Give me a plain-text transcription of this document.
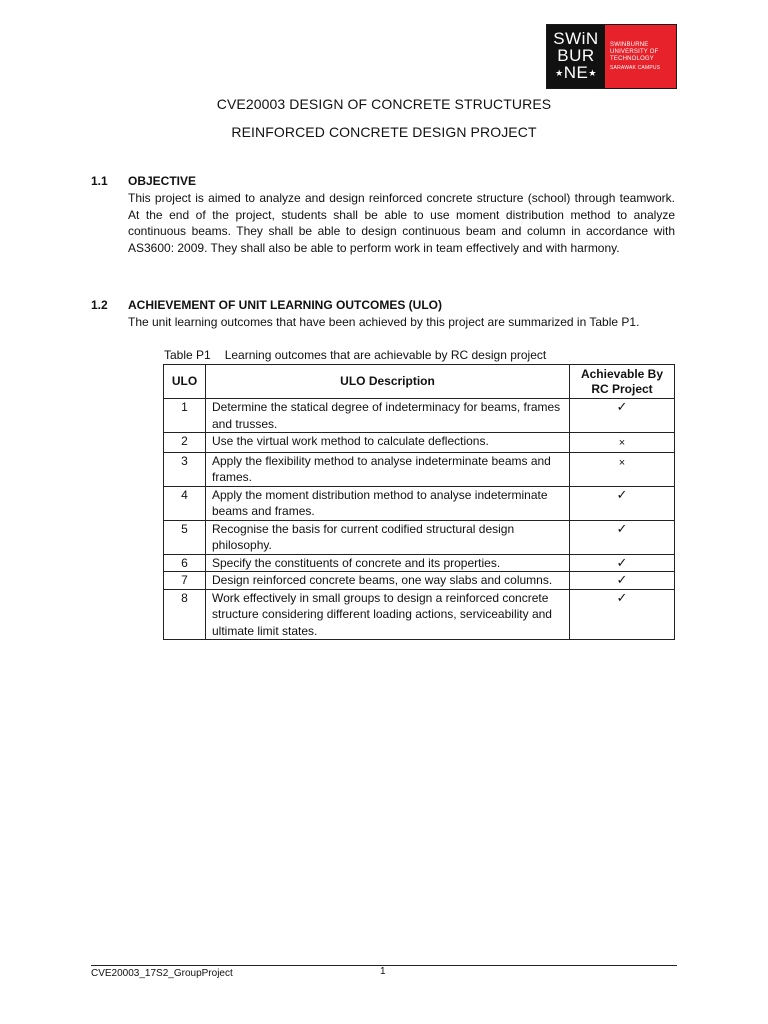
SWiN
BUR
★NE★
SWINBURNE
UNIVERSITY OF
TECHNOLOGY
SARAWAK CAMPUS
CVE20003 DESIGN OF CONCRETE STRUCTURES
REINFORCED CONCRETE DESIGN PROJECT
1.1 OBJECTIVE
This project is aimed to analyze and design reinforced concrete structure (school) through teamwork. At the end of the project, students shall be able to use moment distribution method to analyze continuous beams. They shall be able to design continuous beam and column in accordance with AS3600: 2009. They shall also be able to perform work in team effectively and with harmony.
1.2 ACHIEVEMENT OF UNIT LEARNING OUTCOMES (ULO)
The unit learning outcomes that have been achieved by this project are summarized in Table P1.
Table P1 Learning outcomes that are achievable by RC design project
ULO	ULO Description	Achievable By RC Project
1	Determine the statical degree of indeterminacy for beams, frames and trusses.	✓
2	Use the virtual work method to calculate deflections.	×
3	Apply the flexibility method to analyse indeterminate beams and frames.	×
4	Apply the moment distribution method to analyse indeterminate beams and frames.	✓
5	Recognise the basis for current codified structural design philosophy.	✓
6	Specify the constituents of concrete and its properties.	✓
7	Design reinforced concrete beams, one way slabs and columns.	✓
8	Work effectively in small groups to design a reinforced concrete structure considering different loading actions, serviceability and ultimate limit states.	✓
CVE20003_17S2_GroupProject	1
